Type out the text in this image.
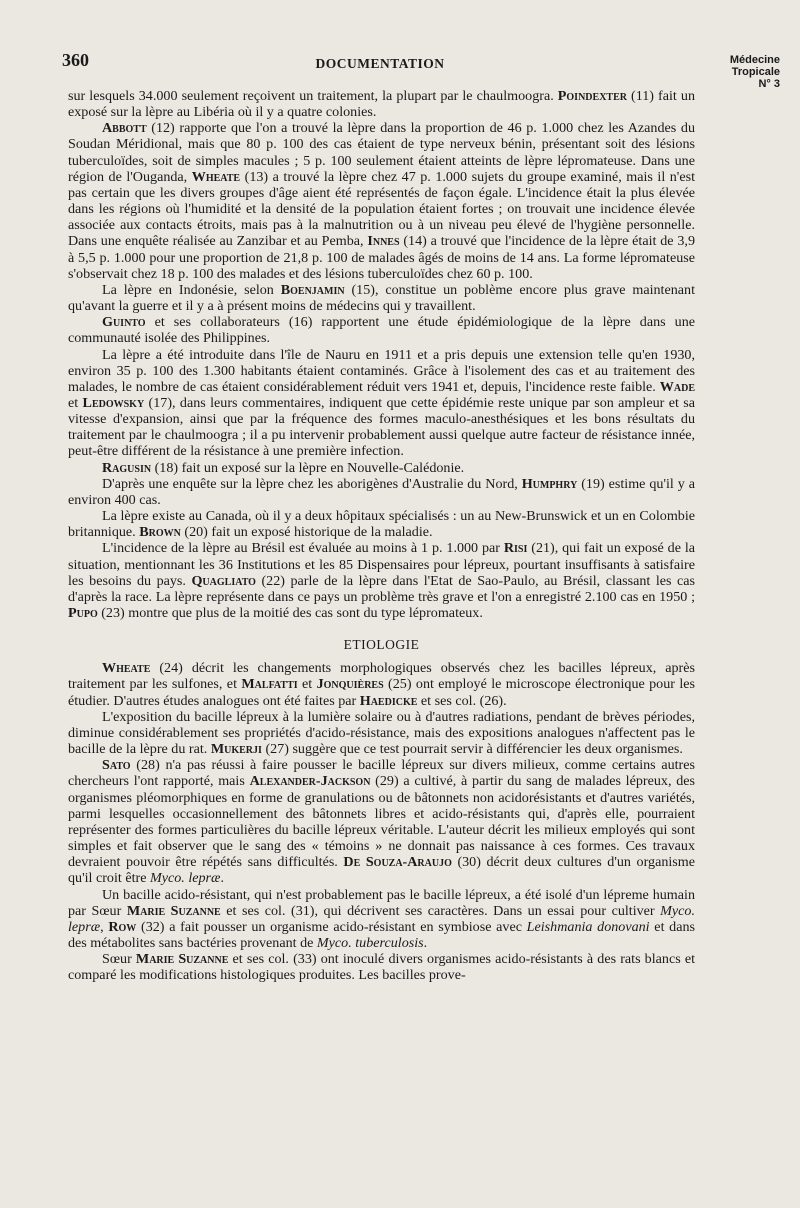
360	DOCUMENTATION	Médecine
Tropicale
N° 3

sur lesquels 34.000 seulement reçoivent un traitement, la plupart par le chaulmoogra. Poindexter (11) fait un exposé sur la lèpre au Libéria où il y a quatre colonies.

Abbott (12) rapporte que l'on a trouvé la lèpre dans la proportion de 46 p. 1.000 chez les Azandes du Soudan Méridional, mais que 80 p. 100 des cas étaient de type nerveux bénin, présentant soit des lésions tuberculoïdes, soit de simples macules ; 5 p. 100 seulement étaient atteints de lèpre lépromateuse. Dans une région de l'Ouganda, Wheate (13) a trouvé la lèpre chez 47 p. 1.000 sujets du groupe examiné, mais il n'est pas certain que les divers groupes d'âge aient été représentés de façon égale. L'incidence était la plus élevée dans les régions où l'humidité et la densité de la population étaient fortes ; on trouvait une incidence élevée associée aux contacts étroits, mais pas à la malnutrition ou à un niveau peu élevé de l'hygiène personnelle. Dans une enquête réalisée au Zanzibar et au Pemba, Innes (14) a trouvé que l'incidence de la lèpre était de 3,9 à 5,5 p. 1.000 pour une proportion de 21,8 p. 100 de malades âgés de moins de 14 ans. La forme lépromateuse s'observait chez 18 p. 100 des malades et des lésions tuberculoïdes chez 60 p. 100.

La lèpre en Indonésie, selon Boenjamin (15), constitue un poblème encore plus grave maintenant qu'avant la guerre et il y a à présent moins de médecins qui y travaillent.

Guinto et ses collaborateurs (16) rapportent une étude épidémiologique de la lèpre dans une communauté isolée des Philippines.

La lèpre a été introduite dans l'île de Nauru en 1911 et a pris depuis une extension telle qu'en 1930, environ 35 p. 100 des 1.300 habitants étaient contaminés. Grâce à l'isolement des cas et au traitement des malades, le nombre de cas étaient considérablement réduit vers 1941 et, depuis, l'incidence reste faible. Wade et Ledowsky (17), dans leurs commentaires, indiquent que cette épidémie reste unique par son ampleur et sa vitesse d'expansion, ainsi que par la fréquence des formes maculo-anesthésiques et les bons résultats du traitement par le chaulmoogra ; il a pu intervenir probablement aussi quelque autre facteur de résistance innée, peut-être différent de la résistance à une première infection.

Ragusin (18) fait un exposé sur la lèpre en Nouvelle-Calédonie.

D'après une enquête sur la lèpre chez les aborigènes d'Australie du Nord, Humphry (19) estime qu'il y a environ 400 cas.

La lèpre existe au Canada, où il y a deux hôpitaux spécialisés : un au New-Brunswick et un en Colombie britannique. Brown (20) fait un exposé historique de la maladie.

L'incidence de la lèpre au Brésil est évaluée au moins à 1 p. 1.000 par Risi (21), qui fait un exposé de la situation, mentionnant les 36 Institutions et les 85 Dispensaires pour lépreux, pourtant insuffisants à satisfaire les besoins du pays. Quagliato (22) parle de la lèpre dans l'Etat de Sao-Paulo, au Brésil, classant les cas d'après la race. La lèpre représente dans ce pays un problème très grave et l'on a enregistré 2.100 cas en 1950 ; Pupo (23) montre que plus de la moitié des cas sont du type lépromateux.

ETIOLOGIE

Wheate (24) décrit les changements morphologiques observés chez les bacilles lépreux, après traitement par les sulfones, et Malfatti et Jonquières (25) ont employé le microscope électronique pour les étudier. D'autres études analogues ont été faites par Haedicke et ses col. (26).

L'exposition du bacille lépreux à la lumière solaire ou à d'autres radiations, pendant de brèves périodes, diminue considérablement ses propriétés d'acido-résistance, mais des expositions analogues n'affectent pas le bacille de la lèpre du rat. Mukerji (27) suggère que ce test pourrait servir à différencier les deux organismes.

Sato (28) n'a pas réussi à faire pousser le bacille lépreux sur divers milieux, comme certains autres chercheurs l'ont rapporté, mais Alexander-Jackson (29) a cultivé, à partir du sang de malades lépreux, des organismes pléomorphiques en forme de granulations ou de bâtonnets non acidorésistants et d'autres variétés, parmi lesquelles occasionnellement des bâtonnets libres et acido-résistants qui, d'après elle, pourraient représenter des formes particulières du bacille lépreux véritable. L'auteur décrit les milieux employés qui sont simples et fait observer que le sang des « témoins » ne donnait pas naissance à ces formes. Ces travaux devraient pouvoir être répétés sans difficultés. De Souza-Araujo (30) décrit deux cultures d'un organisme qu'il croit être Myco. lepræ.

Un bacille acido-résistant, qui n'est probablement pas le bacille lépreux, a été isolé d'un lépreme humain par Sœur Marie Suzanne et ses col. (31), qui décrivent ses caractères. Dans un essai pour cultiver Myco. lepræ, Row (32) a fait pousser un organisme acido-résistant en symbiose avec Leishmania donovani et dans des métabolites sans bactéries provenant de Myco. tuberculosis.

Sœur Marie Suzanne et ses col. (33) ont inoculé divers organismes acido-résistants à des rats blancs et comparé les modifications histologiques produites. Les bacilles prove-
